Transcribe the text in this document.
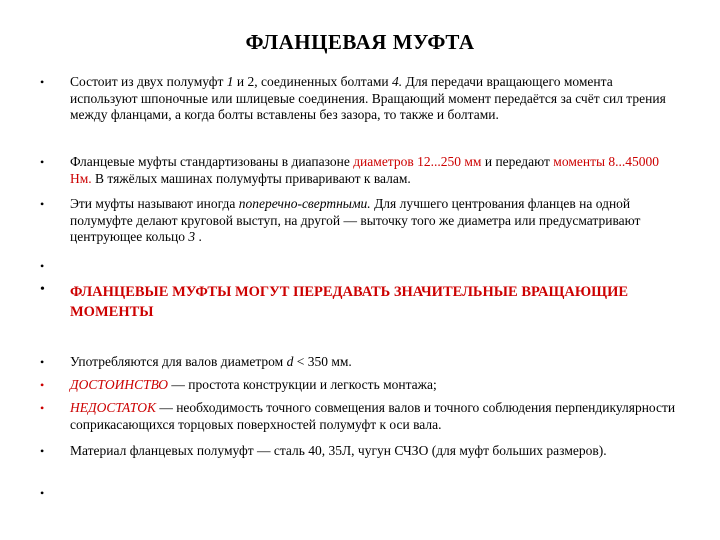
ФЛАНЦЕВАЯ МУФТА
•	Состоит из двух полумуфт 1 и 2, соединенных болтами 4. Для передачи вращающего момента используют шпоночные или шлицевые соединения. Вращающий момент передаётся за счёт сил трения между фланцами, а когда болты вставлены без зазора, то также и болтами.
•	Фланцевые муфты стандартизованы в диапазоне диаметров 12...250 мм и передают моменты 8...45000 Нм. В тяжёлых машинах полумуфты приваривают к валам.
•	Эти муфты называют иногда поперечно-свертными. Для лучшего центрования фланцев на одной полумуфте делают круговой выступ, на другой — выточку того же диаметра или предусматривают центрующее кольцо 3 .
•
•	ФЛАНЦЕВЫЕ МУФТЫ МОГУТ ПЕРЕДАВАТЬ ЗНАЧИТЕЛЬНЫЕ ВРАЩАЮЩИЕ МОМЕНТЫ
•	Употребляются для валов диаметром d < 350 мм.
•	ДОСТОИНСТВО — простота конструкции и легкость монтажа;
•	НЕДОСТАТОК — необходимость точного совмещения валов и точного соблюдения перпендикулярности соприкасающихся торцовых поверхностей полумуфт к оси вала.
•	Материал фланцевых полумуфт — сталь 40, 35Л, чугун СЧЗО (для муфт больших размеров).
•
